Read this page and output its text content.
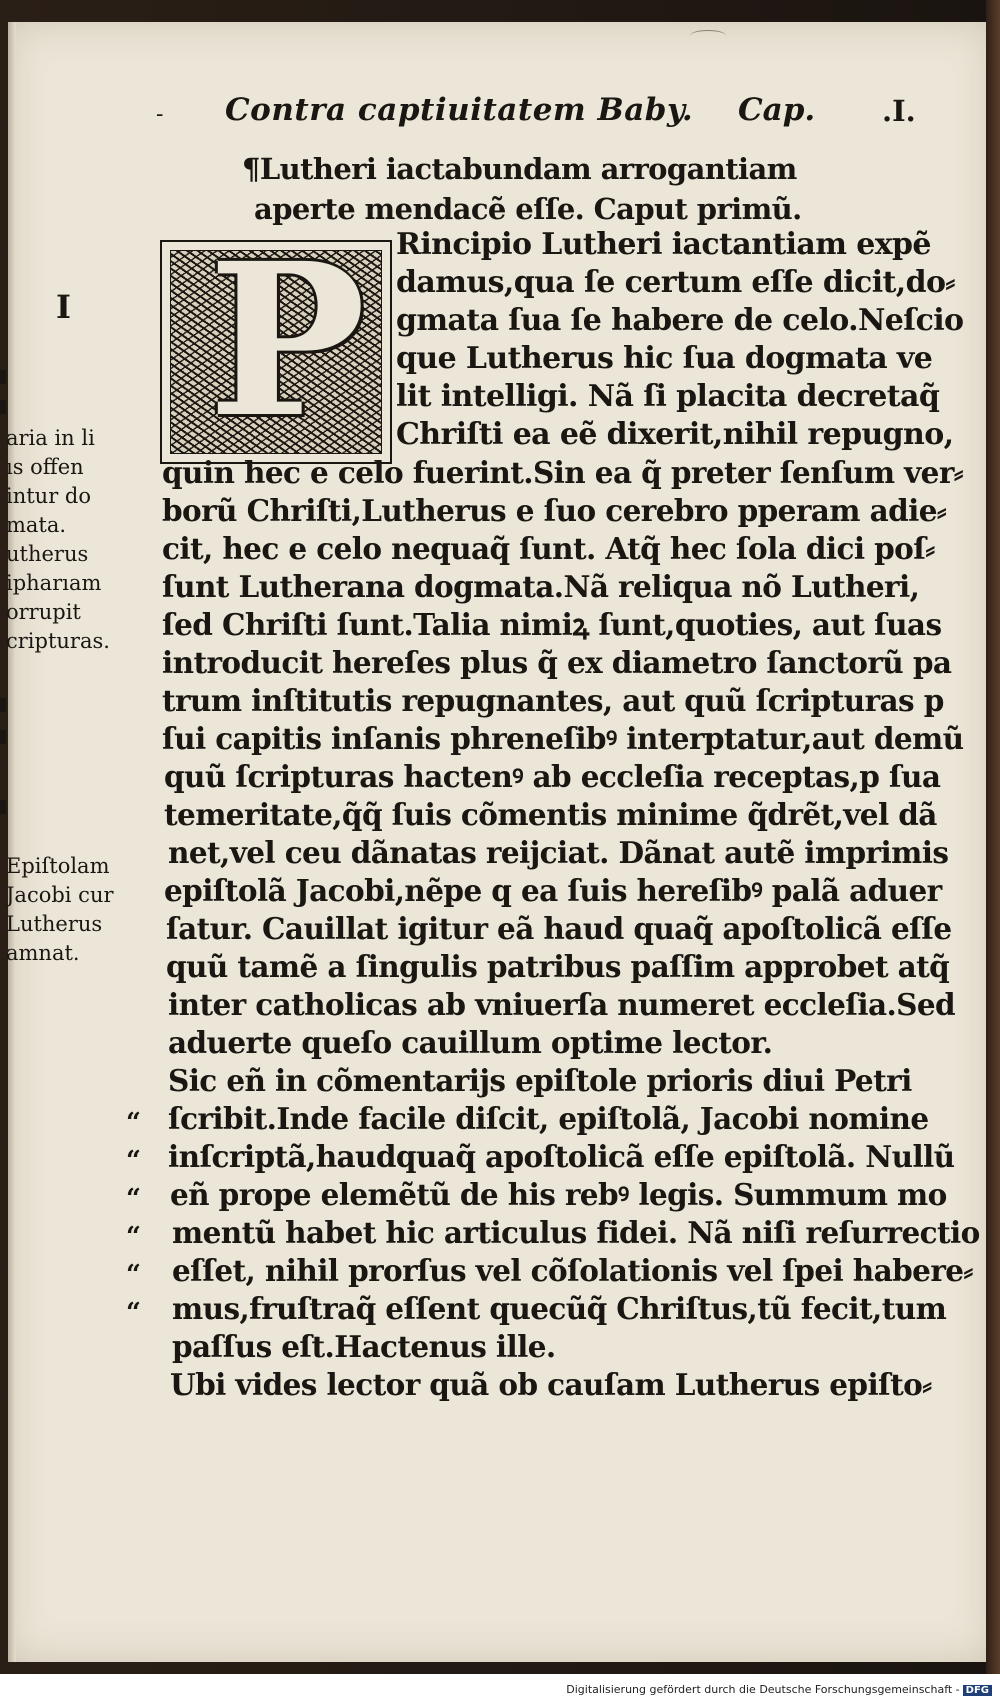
- Contra captiuitatem Baby. Cap. .I.
¶Lutheri iactabundam arrogantiam
aperte mendacẽ eſſe. Caput primũ.
P Rincipio Lutheri iactantiam expẽ
damus,qua ſe certum eſſe dicit,do⸗
gmata ſua ſe habere de celo.Neſcio
que Lutherus hic ſua dogmata ve
lit intelligi. Nã ſi placita decretaq̃
Chriſti ea eẽ dixerit,nihil repugno,
quin hec e celo fuerint.Sin ea q̃ preter ſenſum ver⸗
borũ Chriſti,Lutherus e ſuo cerebro pperam adie⸗
cit, hec e celo nequaq̃ ſunt. Atq̃ hec ſola dici poſ⸗
ſunt Lutherana dogmata.Nã reliqua nõ Lutheri,
ſed Chriſti ſunt.Talia nimiꝝ ſunt,quoties, aut ſuas
introducit hereſes plus q̃ ex diametro ſanctorũ pa
trum inſtitutis repugnantes, aut quũ ſcripturas p
ſui capitis inſanis phreneſibꝰ interptatur,aut demũ
quũ ſcripturas hactenꝰ ab eccleſia receptas,p ſua
temeritate,q̃q̃ ſuis cõmentis minime q̃drẽt,vel dã
net,vel ceu dãnatas reijciat. Dãnat autẽ imprimis
epiſtolã Jacobi,nẽpe q ea ſuis hereſibꝰ palã aduer
ſatur. Cauillat igitur eã haud quaq̃ apoſtolicã eſſe
quũ tamẽ a ſingulis patribus paſſim approbet atq̃
inter catholicas ab vniuerſa numeret eccleſia.Sed
aduerte queſo cauillum optime lector.
Sic eñ in cõmentarijs epiſtole prioris diui Petri
ſcribit.Inde facile diſcit, epiſtolã, Jacobi nomine
inſcriptã,haudquaq̃ apoſtolicã eſſe epiſtolã. Nullũ
eñ prope elemẽtũ de his rebꝰ legis. Summum mo
mentũ habet hic articulus fidei. Nã niſi reſurrectio
eſſet, nihil prorſus vel cõſolationis vel ſpei habere⸗
mus,fruſtraq̃ eſſent quecũq̃ Chriſtus,tũ fecit,tum
paſſus eſt.Hactenus ille.
Ubi vides lector quã ob cauſam Lutherus epiſto⸗
I
aria in li
ıs offen
intur do
mata.
utherus
ipharıam
orrupit
cripturas.
Epiſtolam
Jacobi cur
Lutherus
amnat.
“
“
“
“
“
“
Digitalisierung gefördert durch die Deutsche Forschungsgemeinschaft - DFG
